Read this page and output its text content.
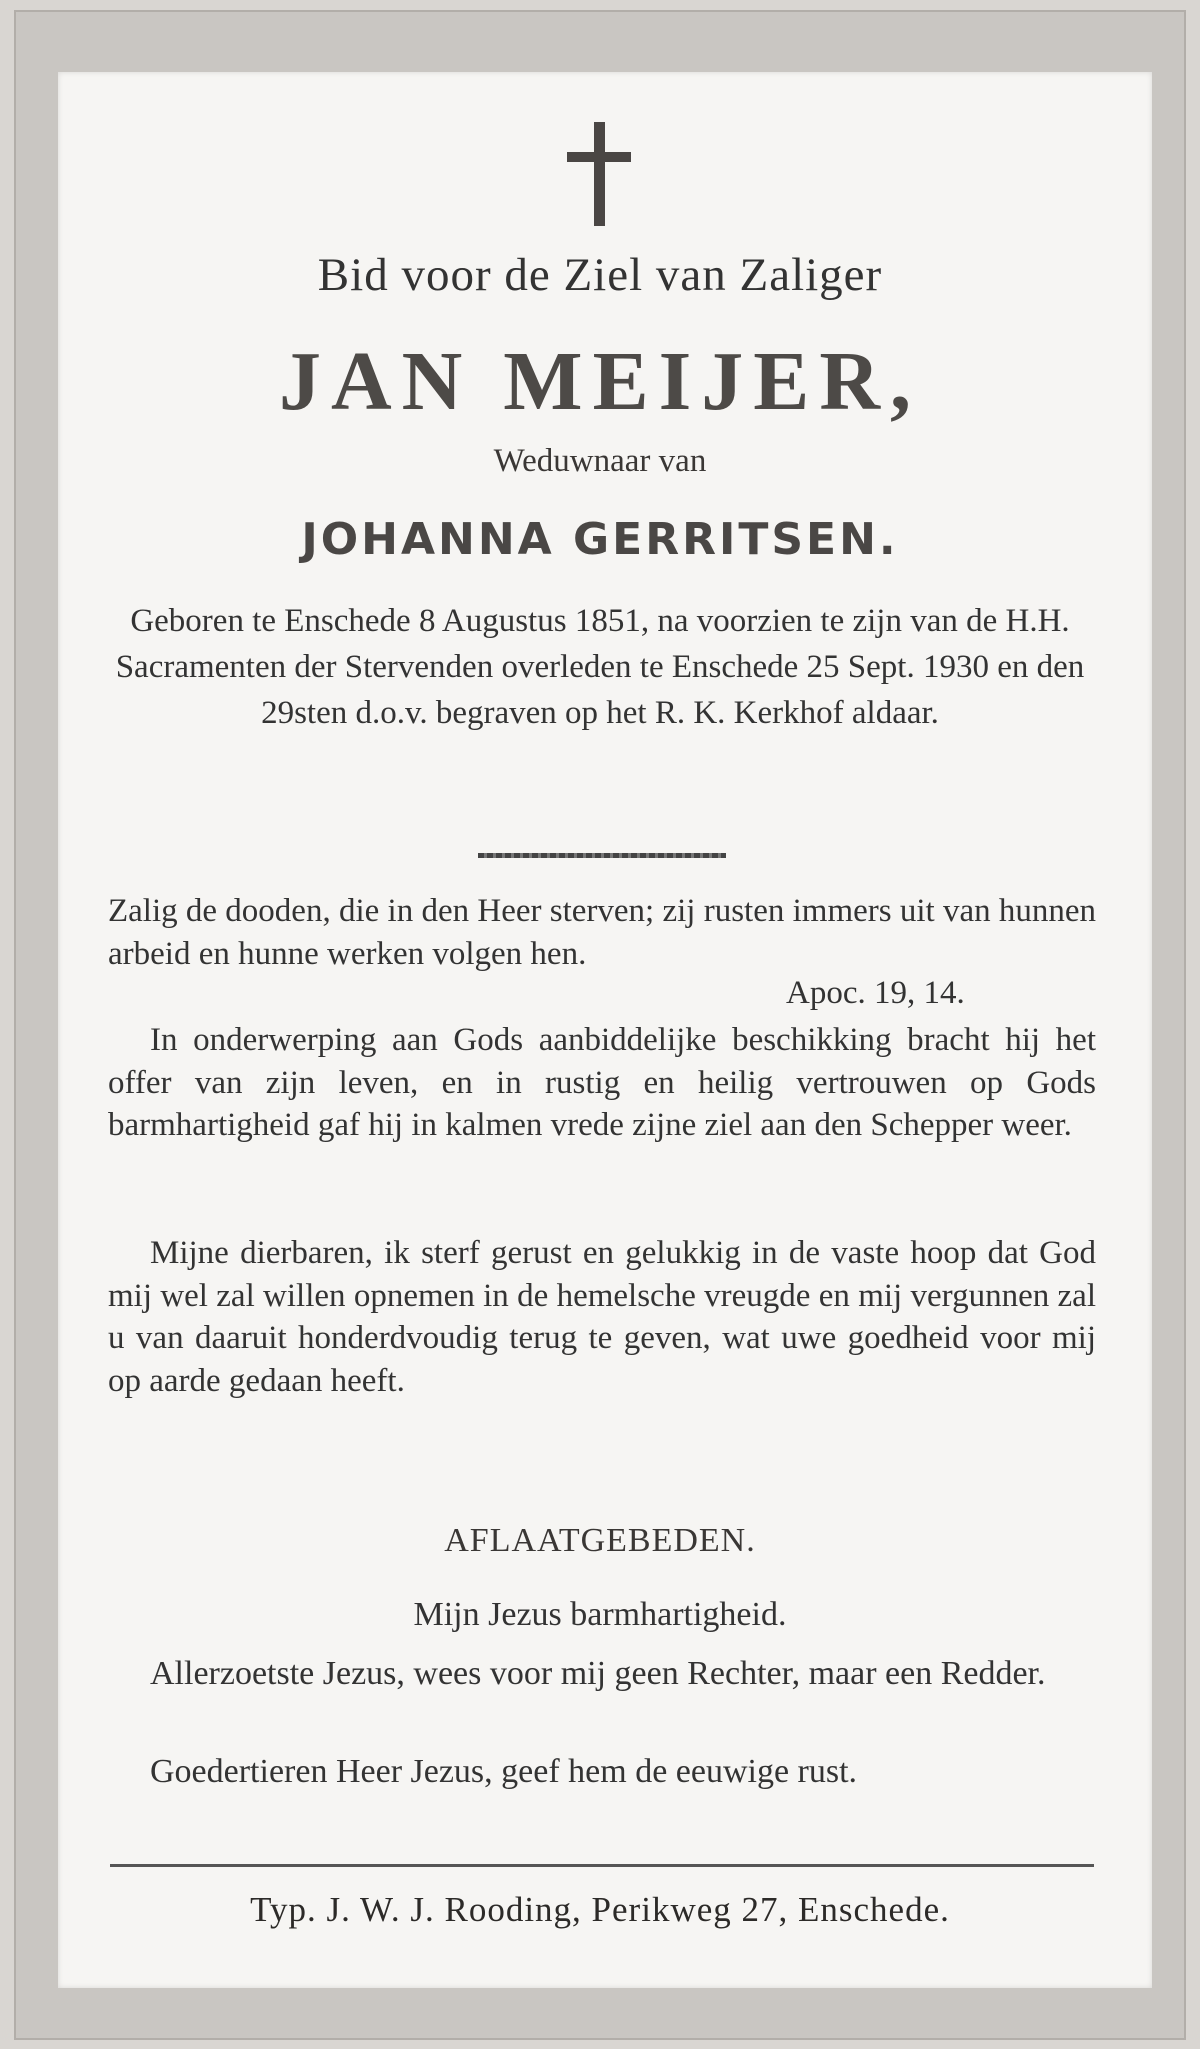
Bid voor de Ziel van Zaliger
JAN MEIJER,
Weduwnaar van
JOHANNA GERRITSEN.
Geboren te Enschede 8 Augustus 1851, na voorzien te zijn van de H.H. Sacramenten der Stervenden overleden te Enschede 25 Sept. 1930 en den 29sten d.o.v. begraven op het R. K. Kerkhof aldaar.
Zalig de dooden, die in den Heer sterven; zij rusten immers uit van hunnen arbeid en hunne werken volgen hen.
Apoc. 19, 14.
In onderwerping aan Gods aanbiddelijke beschikking bracht hij het offer van zijn leven, en in rustig en heilig vertrouwen op Gods barmhartigheid gaf hij in kalmen vrede zijne ziel aan den Schepper weer.
Mijne dierbaren, ik sterf gerust en gelukkig in de vaste hoop dat God mij wel zal willen opnemen in de hemelsche vreugde en mij vergunnen zal u van daaruit honderdvoudig terug te geven, wat uwe goedheid voor mij op aarde gedaan heeft.
AFLAATGEBEDEN.
Mijn Jezus barmhartigheid.
Allerzoetste Jezus, wees voor mij geen Rechter, maar een Redder.
Goedertieren Heer Jezus, geef hem de eeuwige rust.
Typ. J. W. J. Rooding, Perikweg 27, Enschede.
